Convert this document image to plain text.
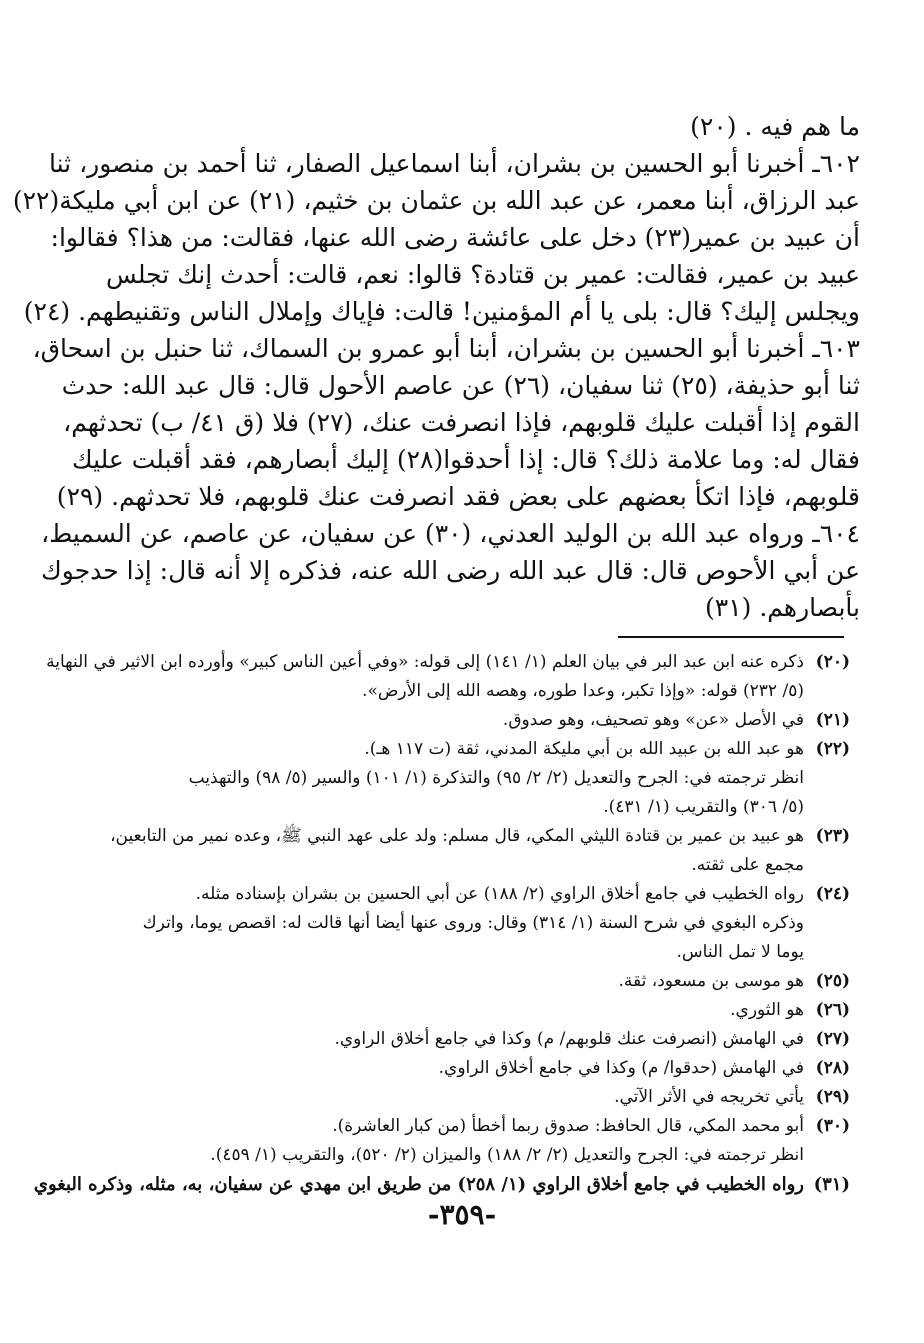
ما هم فيه . (٢٠)
٦٠٢ـ أخبرنا أبو الحسين بن بشران، أبنا اسماعيل الصفار، ثنا أحمد بن منصور، ثنا
عبد الرزاق، أبنا معمر، عن عبد الله بن عثمان بن خثيم، (٢١) عن ابن أبي مليكة(٢٢)
أن عبيد بن عمير(٢٣) دخل على عائشة رضى الله عنها، فقالت: من هذا؟ فقالوا:
عبيد بن عمير، فقالت: عمير بن قتادة؟ قالوا: نعم، قالت: أحدث إنك تجلس
ويجلس إليك؟ قال: بلى يا أم المؤمنين! قالت: فإياك وإملال الناس وتقنيطهم. (٢٤)
٦٠٣ـ أخبرنا أبو الحسين بن بشران، أبنا أبو عمرو بن السماك، ثنا حنبل بن اسحاق،
ثنا أبو حذيفة، (٢٥) ثنا سفيان، (٢٦) عن عاصم الأحول قال: قال عبد الله: حدث
القوم إذا أقبلت عليك قلوبهم، فإذا انصرفت عنك، (٢٧) فلا (ق ٤١/ ب) تحدثهم،
فقال له: وما علامة ذلك؟ قال: إذا أحدقوا(٢٨) إليك أبصارهم، فقد أقبلت عليك
قلوبهم، فإذا اتكأ بعضهم على بعض فقد انصرفت عنك قلوبهم، فلا تحدثهم. (٢٩)
٦٠٤ـ ورواه عبد الله بن الوليد العدني، (٣٠) عن سفيان، عن عاصم، عن السميط،
عن أبي الأحوص قال: قال عبد الله رضى الله عنه، فذكره إلا أنه قال: إذا حدجوك
بأبصارهم. (٣١)
(٢٠)ذكره عنه ابن عبد البر في بيان العلم (١/ ١٤١) إلى قوله: «وفي أعين الناس كبير» وأورده ابن الاثير في النهاية
(٥/ ٢٣٢) قوله: «وإذا تكبر، وعدا طوره، وهصه الله إلى الأرض».
(٢١)في الأصل «عن» وهو تصحيف، وهو صدوق.
(٢٢)هو عبد الله بن عبيد الله بن أبي مليكة المدني، ثقة (ت ١١٧ هـ).
انظر ترجمته في: الجرح والتعديل (٢/ ٢/ ٩٥) والتذكرة (١/ ١٠١) والسير (٥/ ٩٨) والتهذيب
(٥/ ٣٠٦) والتقريب (١/ ٤٣١).
(٢٣)هو عبيد بن عمير بن قتادة الليثي المكي، قال مسلم: ولد على عهد النبي ﷺ، وعده نمير من التابعين،
مجمع على ثقته.
(٢٤)رواه الخطيب في جامع أخلاق الراوي (٢/ ١٨٨) عن أبي الحسين بن بشران بإسناده مثله.
وذكره البغوي في شرح السنة (١/ ٣١٤) وقال: وروى عنها أيضا أنها قالت له: اقصص يوما، واترك
يوما لا تمل الناس.
(٢٥)هو موسى بن مسعود، ثقة.
(٢٦)هو الثوري.
(٢٧)في الهامش (انصرفت عنك قلوبهم/ م) وكذا في جامع أخلاق الراوي.
(٢٨)في الهامش (حدقوا/ م) وكذا في جامع أخلاق الراوي.
(٢٩)يأتي تخريجه في الأثر الآتي.
(٣٠)أبو محمد المكي، قال الحافظ: صدوق ربما أخطأ (من كبار العاشرة).
انظر ترجمته في: الجرح والتعديل (٢/ ٢/ ١٨٨) والميزان (٢/ ٥٢٠)، والتقريب (١/ ٤٥٩).
(٣١)رواه الخطيب في جامع أخلاق الراوي (١/ ٢٥٨) من طريق ابن مهدي عن سفيان، به، مثله، وذكره البغوي
-٣٥٩-
